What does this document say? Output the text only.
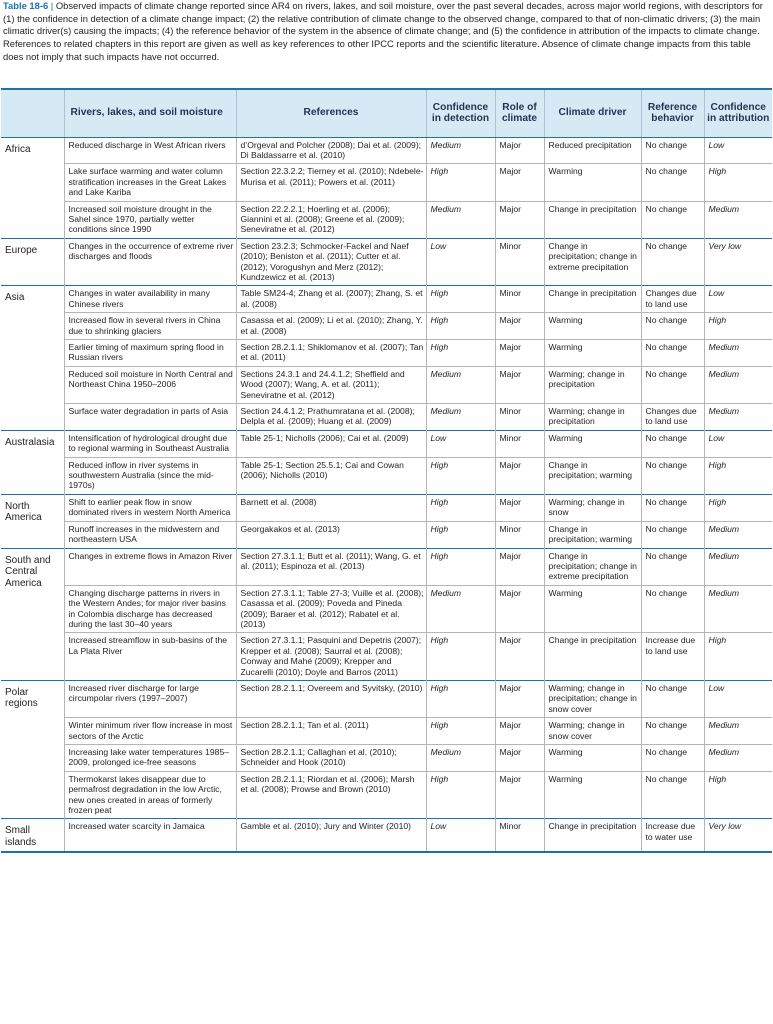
Table 18-6 | Observed impacts of climate change reported since AR4 on rivers, lakes, and soil moisture, over the past several decades, across major world regions, with descriptors for (1) the confidence in detection of a climate change impact; (2) the relative contribution of climate change to the observed change, compared to that of non-climatic drivers; (3) the main climatic driver(s) causing the impacts; (4) the reference behavior of the system in the absence of climate change; and (5) the confidence in attribution of the impacts to climate change. References to related chapters in this report are given as well as key references to other IPCC reports and the scientific literature. Absence of climate change impacts from this table does not imply that such impacts have not occurred.
	Rivers, lakes, and soil moisture	References	Confidence in detection	Role of climate	Climate driver	Reference behavior	Confidence in attribution
Africa	Reduced discharge in West African rivers	d’Orgeval and Polcher (2008); Dai et al. (2009); Di Baldassarre et al. (2010)	Medium	Major	Reduced precipitation	No change	Low
	Lake surface warming and water column stratification increases in the Great Lakes and Lake Kariba	Section 22.3.2.2; Tierney et al. (2010); Ndebele-Murisa et al. (2011); Powers et al. (2011)	High	Major	Warming	No change	High
	Increased soil moisture drought in the Sahel since 1970, partially wetter conditions since 1990	Section 22.2.2.1; Hoerling et al. (2006); Giannini et al. (2008); Greene et al. (2009); Seneviratne et al. (2012)	Medium	Major	Change in precipitation	No change	Medium
Europe	Changes in the occurrence of extreme river discharges and floods	Section 23.2.3; Schmocker-Fackel and Naef (2010); Beniston et al. (2011); Cutter et al. (2012); Vorogushyn and Merz (2012); Kundzewicz et al. (2013)	Low	Minor	Change in precipitation; change in extreme precipitation	No change	Very low
Asia	Changes in water availability in many Chinese rivers	Table SM24-4; Zhang et al. (2007); Zhang, S. et al. (2008)	High	Minor	Change in precipitation	Changes due to land use	Low
	Increased flow in several rivers in China due to shrinking glaciers	Casassa et al. (2009); Li et al. (2010); Zhang, Y. et al. (2008)	High	Major	Warming	No change	High
	Earlier timing of maximum spring flood in Russian rivers	Section 28.2.1.1; Shiklomanov et al. (2007); Tan et al. (2011)	High	Major	Warming	No change	Medium
	Reduced soil moisture in North Central and Northeast China 1950–2006	Sections 24.3.1 and 24.4.1.2; Sheffield and Wood (2007); Wang, A. et al. (2011); Seneviratne et al. (2012)	Medium	Major	Warming; change in precipitation	No change	Medium
	Surface water degradation in parts of Asia	Section 24.4.1.2; Prathumratana et al. (2008); Delpla et al. (2009); Huang et al. (2009)	Medium	Minor	Warming; change in precipitation	Changes due to land use	Medium
Australasia	Intensification of hydrological drought due to regional warming in Southeast Australia	Table 25-1; Nicholls (2006); Cai et al. (2009)	Low	Minor	Warming	No change	Low
	Reduced inflow in river systems in southwestern Australia (since the mid-1970s)	Table 25-1; Section 25.5.1; Cai and Cowan (2006); Nicholls (2010)	High	Major	Change in precipitation; warming	No change	High
North America	Shift to earlier peak flow in snow dominated rivers in western North America	Barnett et al. (2008)	High	Major	Warming; change in snow	No change	High
	Runoff increases in the midwestern and northeastern USA	Georgakakos et al. (2013)	High	Minor	Change in precipitation; warming	No change	Medium
South and Central America	Changes in extreme flows in Amazon River	Section 27.3.1.1; Butt et al. (2011); Wang, G. et al. (2011); Espinoza et al. (2013)	High	Major	Change in precipitation; change in extreme precipitation	No change	Medium
	Changing discharge patterns in rivers in the Western Andes; for major river basins in Colombia discharge has decreased during the last 30–40 years	Section 27.3.1.1; Table 27-3; Vuille et al. (2008); Casassa et al. (2009); Poveda and Pineda (2009); Baraer et al. (2012); Rabatel et al. (2013)	Medium	Major	Warming	No change	Medium
	Increased streamflow in sub-basins of the La Plata River	Section 27.3.1.1; Pasquini and Depetris (2007); Krepper et al. (2008); Saurral et al. (2008); Conway and Mahé (2009); Krepper and Zucarelli (2010); Doyle and Barros (2011)	High	Major	Change in precipitation	Increase due to land use	High
Polar regions	Increased river discharge for large circumpolar rivers (1997–2007)	Section 28.2.1.1; Overeem and Syvitsky, (2010)	High	Major	Warming; change in precipitation; change in snow cover	No change	Low
	Winter minimum river flow increase in most sectors of the Arctic	Section 28.2.1.1; Tan et al. (2011)	High	Major	Warming; change in snow cover	No change	Medium
	Increasing lake water temperatures 1985–2009, prolonged ice-free seasons	Section 28.2.1.1; Callaghan et al. (2010); Schneider and Hook (2010)	Medium	Major	Warming	No change	Medium
	Thermokarst lakes disappear due to permafrost degradation in the low Arctic, new ones created in areas of formerly frozen peat	Section 28.2.1.1; Riordan et al. (2006); Marsh et al. (2008); Prowse and Brown (2010)	High	Major	Warming	No change	High
Small islands	Increased water scarcity in Jamaica	Gamble et al. (2010); Jury and Winter (2010)	Low	Minor	Change in precipitation	Increase due to water use	Very low
